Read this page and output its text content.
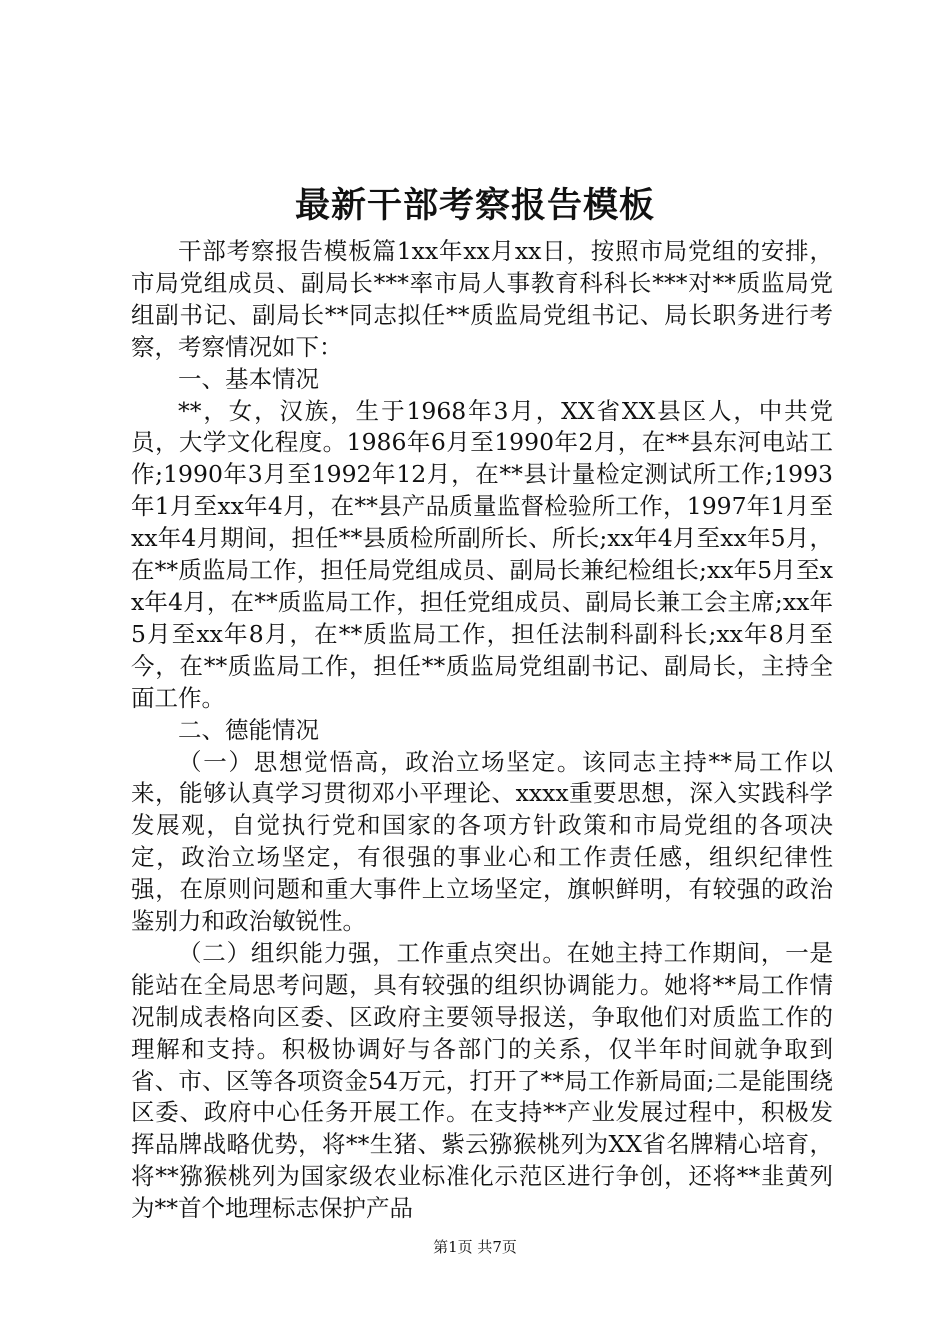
最新干部考察报告模板

干部考察报告模板篇1xx年xx月xx日，按照市局党组的安排，市局党组成员、副局长***率市局人事教育科科长***对**质监局党组副书记、副局长**同志拟任**质监局党组书记、局长职务进行考察，考察情况如下：

一、基本情况

**，女，汉族，生于1968年3月，XX省XX县区人，中共党员，大学文化程度。1986年6月至1990年2月，在**县东河电站工作;1990年3月至1992年12月，在**县计量检定测试所工作;1993年1月至xx年4月，在**县产品质量监督检验所工作，1997年1月至xx年4月期间，担任**县质检所副所长、所长;xx年4月至xx年5月，在**质监局工作，担任局党组成员、副局长兼纪检组长;xx年5月至xx年4月，在**质监局工作，担任党组成员、副局长兼工会主席;xx年5月至xx年8月，在**质监局工作，担任法制科副科长;xx年8月至今，在**质监局工作，担任**质监局党组副书记、副局长，主持全面工作。

二、德能情况

（一）思想觉悟高，政治立场坚定。该同志主持**局工作以来，能够认真学习贯彻邓小平理论、xxxx重要思想，深入实践科学发展观，自觉执行党和国家的各项方针政策和市局党组的各项决定，政治立场坚定，有很强的事业心和工作责任感，组织纪律性强，在原则问题和重大事件上立场坚定，旗帜鲜明，有较强的政治鉴别力和政治敏锐性。

（二）组织能力强，工作重点突出。在她主持工作期间，一是能站在全局思考问题，具有较强的组织协调能力。她将**局工作情况制成表格向区委、区政府主要领导报送，争取他们对质监工作的理解和支持。积极协调好与各部门的关系，仅半年时间就争取到省、市、区等各项资金54万元，打开了**局工作新局面;二是能围绕区委、政府中心任务开展工作。在支持**产业发展过程中，积极发挥品牌战略优势，将**生猪、紫云猕猴桃列为XX省名牌精心培育，将**猕猴桃列为国家级农业标准化示范区进行争创，还将**韭黄列为**首个地理标志保护产品

第1页 共7页
